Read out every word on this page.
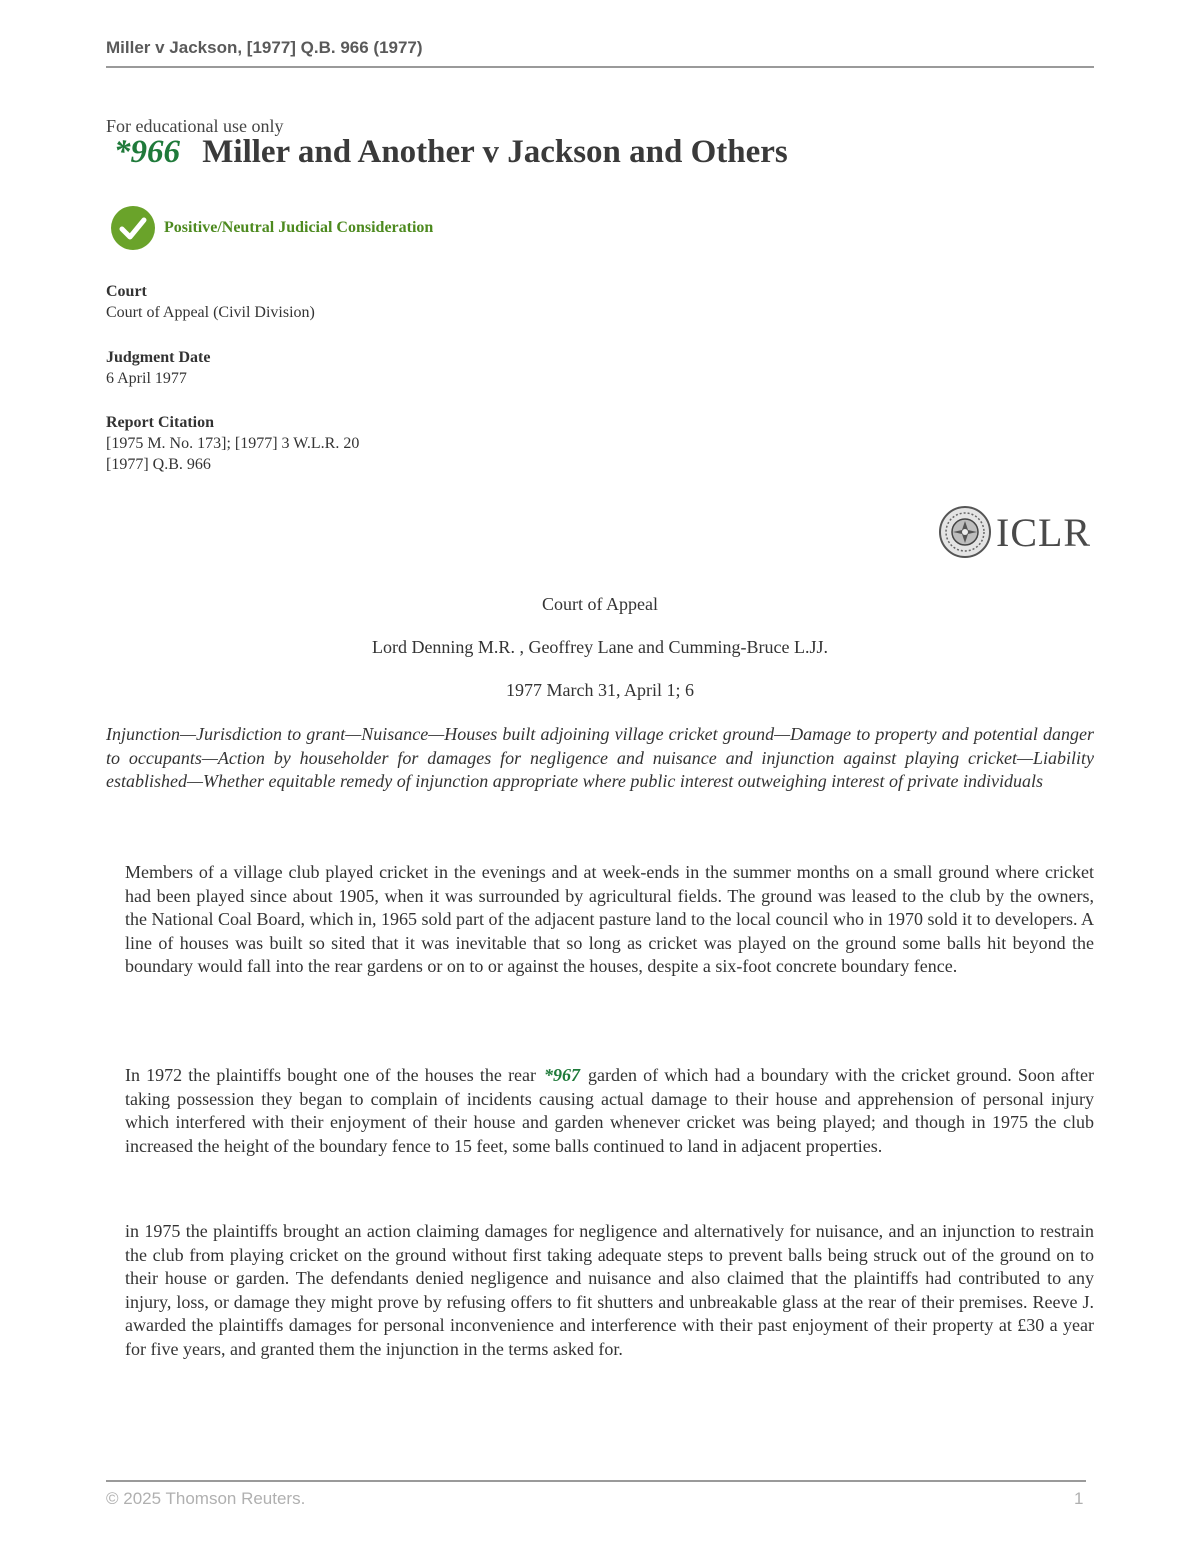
Miller v Jackson, [1977] Q.B. 966 (1977)
For educational use only
*966 Miller and Another v Jackson and Others
Positive/Neutral Judicial Consideration
Court
Court of Appeal (Civil Division)
Judgment Date
6 April 1977
Report Citation
[1975 M. No. 173]; [1977] 3 W.L.R. 20
[1977] Q.B. 966
ICLR
Court of Appeal
Lord Denning M.R. , Geoffrey Lane and Cumming-Bruce L.JJ.
1977 March 31, April 1; 6
Injunction—Jurisdiction to grant—Nuisance—Houses built adjoining village cricket ground—Damage to property and potential danger to occupants—Action by householder for damages for negligence and nuisance and injunction against playing cricket—Liability established—Whether equitable remedy of injunction appropriate where public interest outweighing interest of private individuals

Members of a village club played cricket in the evenings and at week-ends in the summer months on a small ground where cricket had been played since about 1905, when it was surrounded by agricultural fields. The ground was leased to the club by the owners, the National Coal Board, which in, 1965 sold part of the adjacent pasture land to the local council who in 1970 sold it to developers. A line of houses was built so sited that it was inevitable that so long as cricket was played on the ground some balls hit beyond the boundary would fall into the rear gardens or on to or against the houses, despite a six-foot concrete boundary fence.

In 1972 the plaintiffs bought one of the houses the rear *967 garden of which had a boundary with the cricket ground. Soon after taking possession they began to complain of incidents causing actual damage to their house and apprehension of personal injury which interfered with their enjoyment of their house and garden whenever cricket was being played; and though in 1975 the club increased the height of the boundary fence to 15 feet, some balls continued to land in adjacent properties.

in 1975 the plaintiffs brought an action claiming damages for negligence and alternatively for nuisance, and an injunction to restrain the club from playing cricket on the ground without first taking adequate steps to prevent balls being struck out of the ground on to their house or garden. The defendants denied negligence and nuisance and also claimed that the plaintiffs had contributed to any injury, loss, or damage they might prove by refusing offers to fit shutters and unbreakable glass at the rear of their premises. Reeve J. awarded the plaintiffs damages for personal inconvenience and interference with their past enjoyment of their property at £30 a year for five years, and granted them the injunction in the terms asked for.

© 2025 Thomson Reuters.	1
